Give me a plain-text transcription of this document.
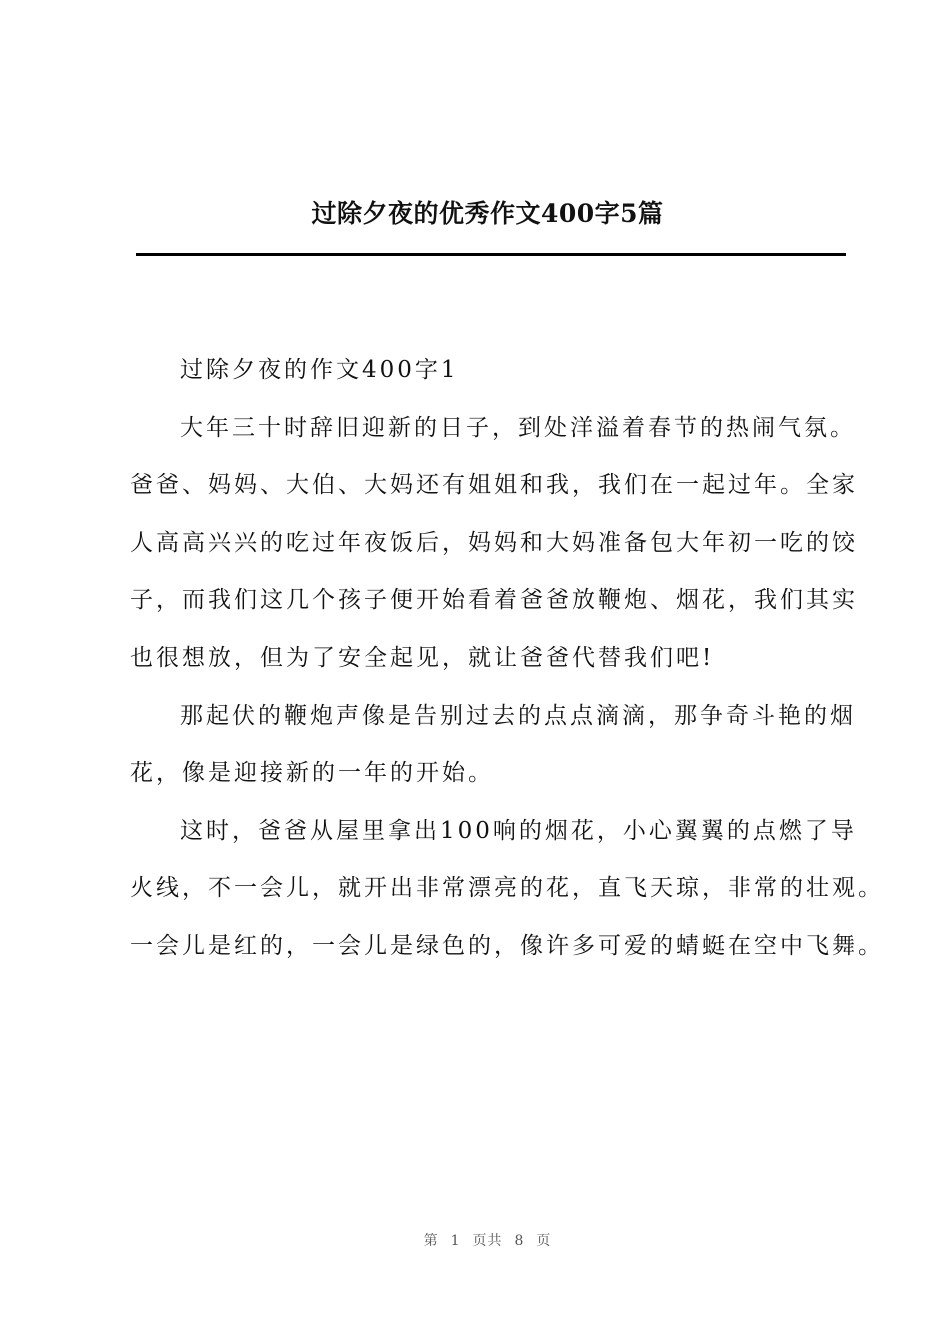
过除夕夜的优秀作文400字5篇
过除夕夜的作文400字1
大年三十时辞旧迎新的日子，到处洋溢着春节的热闹气氛。
爸爸、妈妈、大伯、大妈还有姐姐和我，我们在一起过年。全家
人高高兴兴的吃过年夜饭后，妈妈和大妈准备包大年初一吃的饺
子，而我们这几个孩子便开始看着爸爸放鞭炮、烟花，我们其实
也很想放，但为了安全起见，就让爸爸代替我们吧!
那起伏的鞭炮声像是告别过去的点点滴滴，那争奇斗艳的烟
花，像是迎接新的一年的开始。
这时，爸爸从屋里拿出100响的烟花，小心翼翼的点燃了导
火线，不一会儿，就开出非常漂亮的花，直飞天琼，非常的壮观。
一会儿是红的，一会儿是绿色的，像许多可爱的蜻蜓在空中飞舞。
第 1 页共 8 页
